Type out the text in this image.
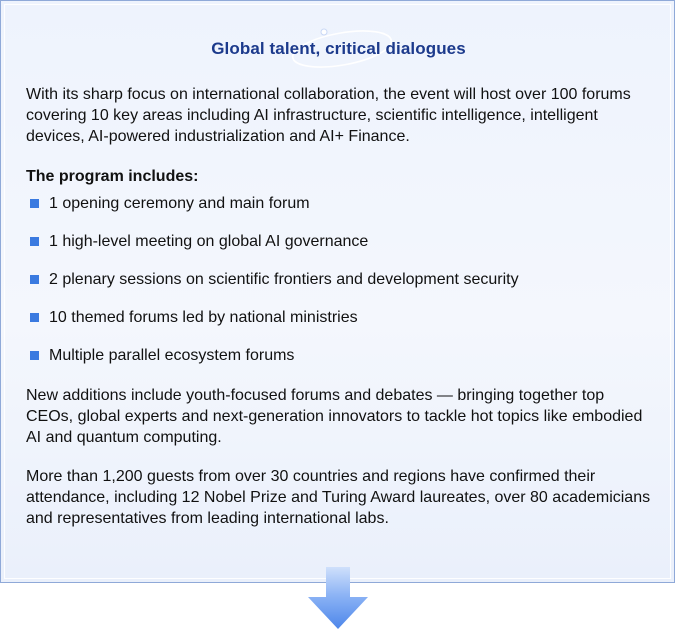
Global talent, critical dialogues

With its sharp focus on international collaboration, the event will host over 100 forums covering 10 key areas including AI infrastructure, scientific intelligence, intelligent devices, AI-powered industrialization and AI+ Finance.

The program includes:

1 opening ceremony and main forum
1 high-level meeting on global AI governance
2 plenary sessions on scientific frontiers and development security
10 themed forums led by national ministries
Multiple parallel ecosystem forums

New additions include youth-focused forums and debates — bringing together top CEOs, global experts and next-generation innovators to tackle hot topics like embodied AI and quantum computing.

More than 1,200 guests from over 30 countries and regions have confirmed their attendance, including 12 Nobel Prize and Turing Award laureates, over 80 academicians and representatives from leading international labs.
